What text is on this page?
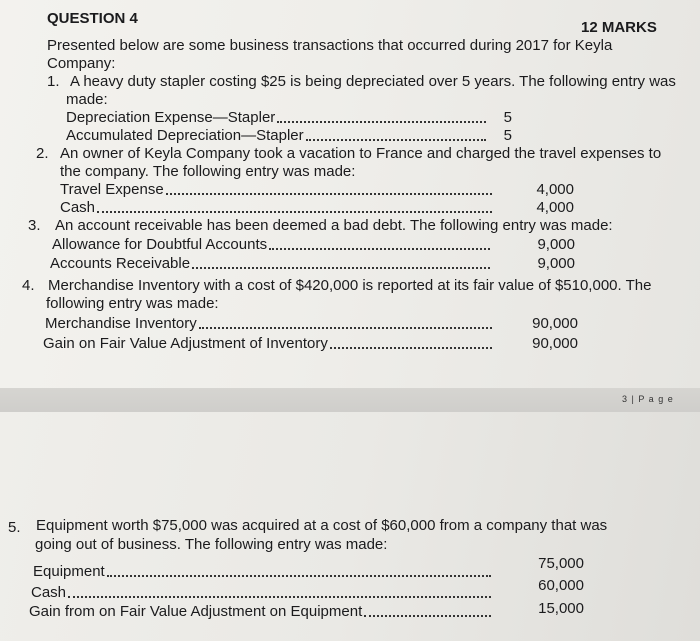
QUESTION 4
12 MARKS
Presented below are some business transactions that occurred during 2017 for Keyla
Company:
1. A heavy duty stapler costing $25 is being depreciated over 5 years. The following entry was
made:
Depreciation Expense—Stapler	5
Accumulated Depreciation—Stapler	5
2. An owner of Keyla Company took a vacation to France and charged the travel expenses to
the company. The following entry was made:
Travel Expense	4,000
Cash	4,000
3. An account receivable has been deemed a bad debt. The following entry was made:
Allowance for Doubtful Accounts	9,000
Accounts Receivable	9,000
4. Merchandise Inventory with a cost of $420,000 is reported at its fair value of $510,000. The
following entry was made:
Merchandise Inventory	90,000
Gain on Fair Value Adjustment of Inventory	90,000
3 | P a g e
5. Equipment worth $75,000 was acquired at a cost of $60,000 from a company that was
going out of business. The following entry was made:
Equipment	75,000
Cash	60,000
Gain from on Fair Value Adjustment on Equipment	15,000
